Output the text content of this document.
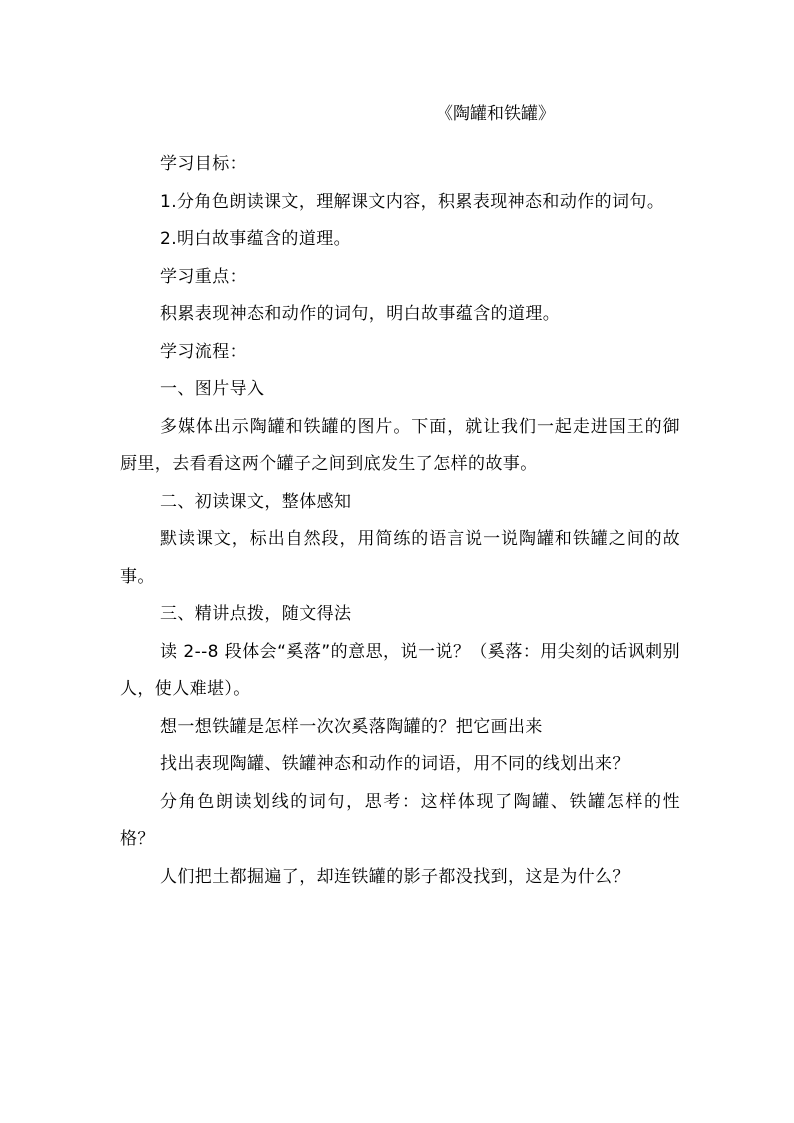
《陶罐和铁罐》

学习目标：

1.分角色朗读课文，理解课文内容，积累表现神态和动作的词句。

2.明白故事蕴含的道理。

学习重点：

积累表现神态和动作的词句，明白故事蕴含的道理。

学习流程：

一、图片导入

多媒体出示陶罐和铁罐的图片。下面，就让我们一起走进国王的御厨里，去看看这两个罐子之间到底发生了怎样的故事。

二、初读课文，整体感知

默读课文，标出自然段，用简练的语言说一说陶罐和铁罐之间的故事。

三、精讲点拨，随文得法

读 2--8 段体会“奚落”的意思，说一说？（奚落：用尖刻的话讽刺别人，使人难堪）。

想一想铁罐是怎样一次次奚落陶罐的？把它画出来

找出表现陶罐、铁罐神态和动作的词语，用不同的线划出来？

分角色朗读划线的词句，思考：这样体现了陶罐、铁罐怎样的性格？

人们把土都掘遍了，却连铁罐的影子都没找到，这是为什么？
